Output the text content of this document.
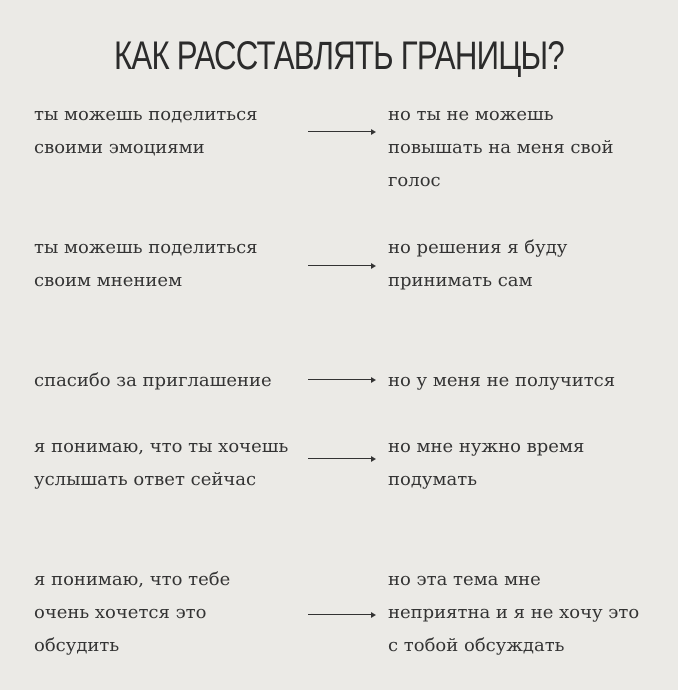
КАК РАССТАВЛЯТЬ ГРАНИЦЫ?
ты можешь поделиться
своими эмоциями
но ты не можешь
повышать на меня свой
голос
ты можешь поделиться
своим мнением
но решения я буду
принимать сам
спасибо за приглашение	но у меня не получится
я понимаю, что ты хочешь
услышать ответ сейчас
но мне нужно время
подумать
я понимаю, что тебе
очень хочется это
обсудить
но эта тема мне
неприятна и я не хочу это
с тобой обсуждать
